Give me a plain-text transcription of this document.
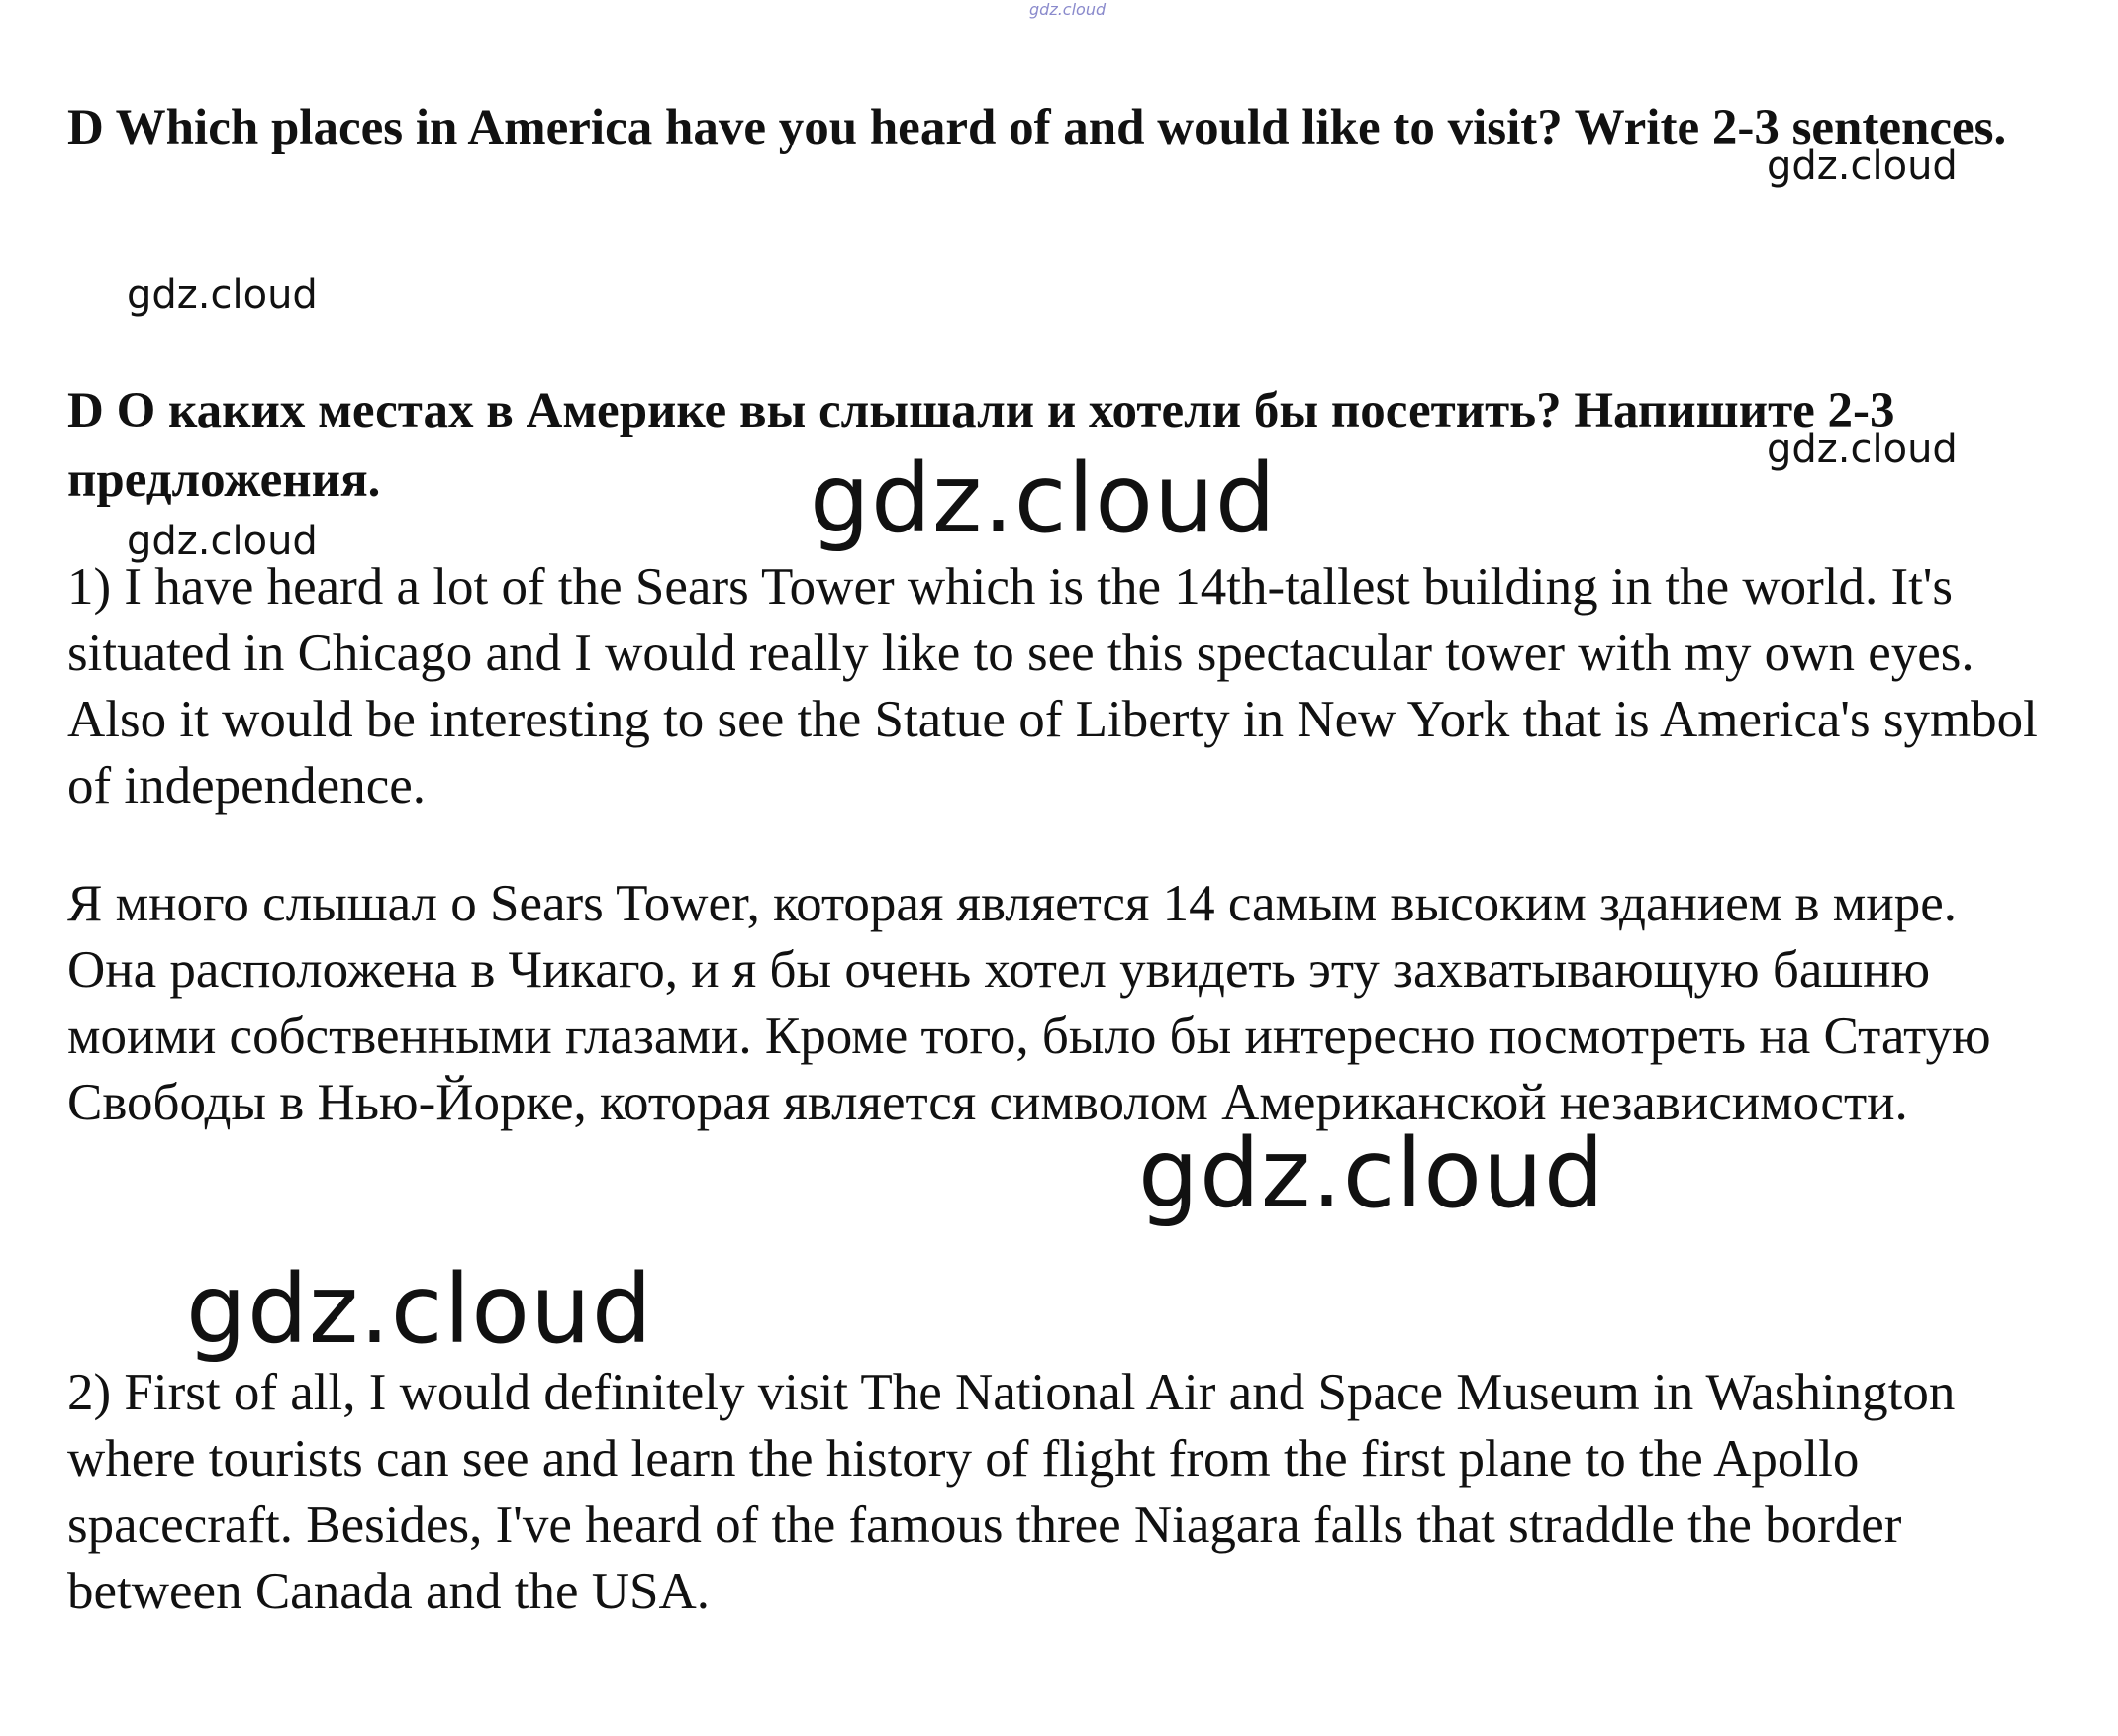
gdz.cloud
D Which places in America have you heard of and would like to visit? Write 2-3 sentences.
gdz.cloud
gdz.cloud
D О каких местах в Америке вы слышали и хотели бы посетить? Напишите 2-3 предложения.
gdz.cloud
gdz.cloud
gdz.cloud

1) I have heard a lot of the Sears Tower which is the 14th-tallest building in the world. It's situated in Chicago and I would really like to see this spectacular tower with my own eyes. Also it would be interesting to see the Statue of Liberty in New York that is America's symbol of independence.

Я много слышал о Sears Tower, которая является 14 самым высоким зданием в мире. Она расположена в Чикаго, и я бы очень хотел увидеть эту захватывающую башню моими собственными глазами. Кроме того, было бы интересно посмотреть на Статую Свободы в Нью-Йорке, которая является символом Американской независимости.

gdz.cloud
gdz.cloud

2) First of all, I would definitely visit The National Air and Space Museum in Washington where tourists can see and learn the history of flight from the first plane to the Apollo spacecraft. Besides, I've heard of the famous three Niagara falls that straddle the border between Canada and the USA.
